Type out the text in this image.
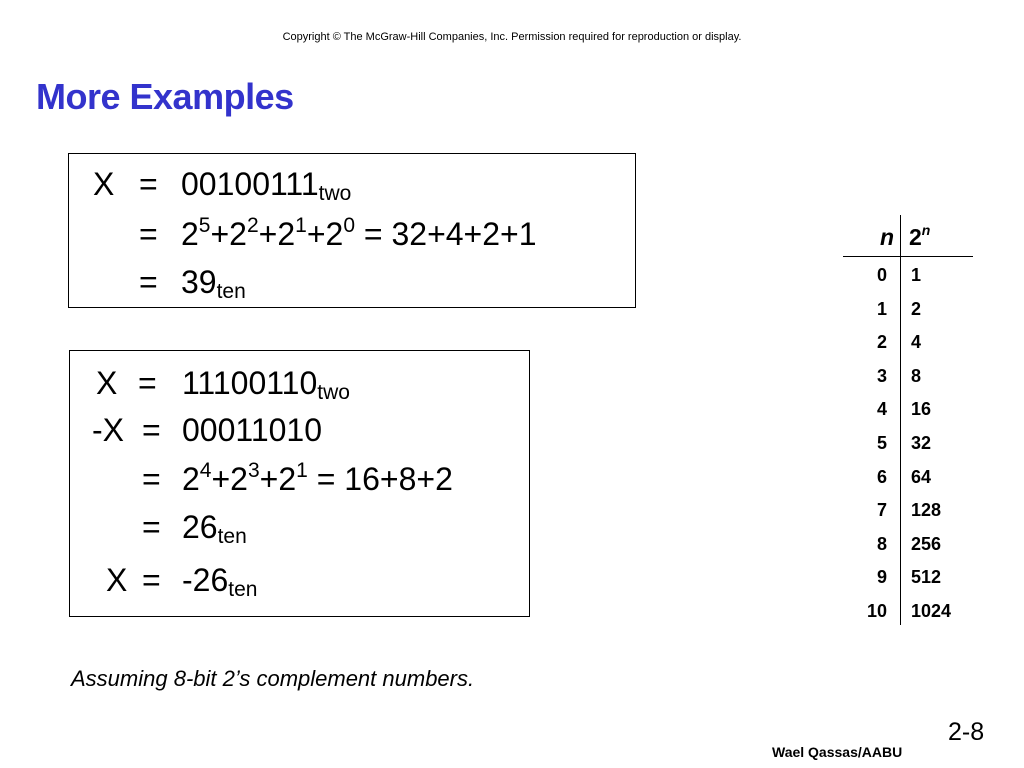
Copyright © The McGraw-Hill Companies, Inc. Permission required for reproduction or display.
More Examples
$X = 00100111_{two}$
= $2^5+2^2+2^1+2^0 = 32+4+2+1$
= $39_{ten}$
$X = 11100110_{two}$
-X = 00011010
= $2^4+2^3+2^1 = 16+8+2$
= $26_{ten}$
$X = -26_{ten}$
n 2$^n$
0 1
1 2
2 4
3 8
4 16
5 32
6 64
7 128
8 256
9 512
10 1024

Assuming 8-bit 2’s complement numbers.

2-8
Wael Qassas/AABU
